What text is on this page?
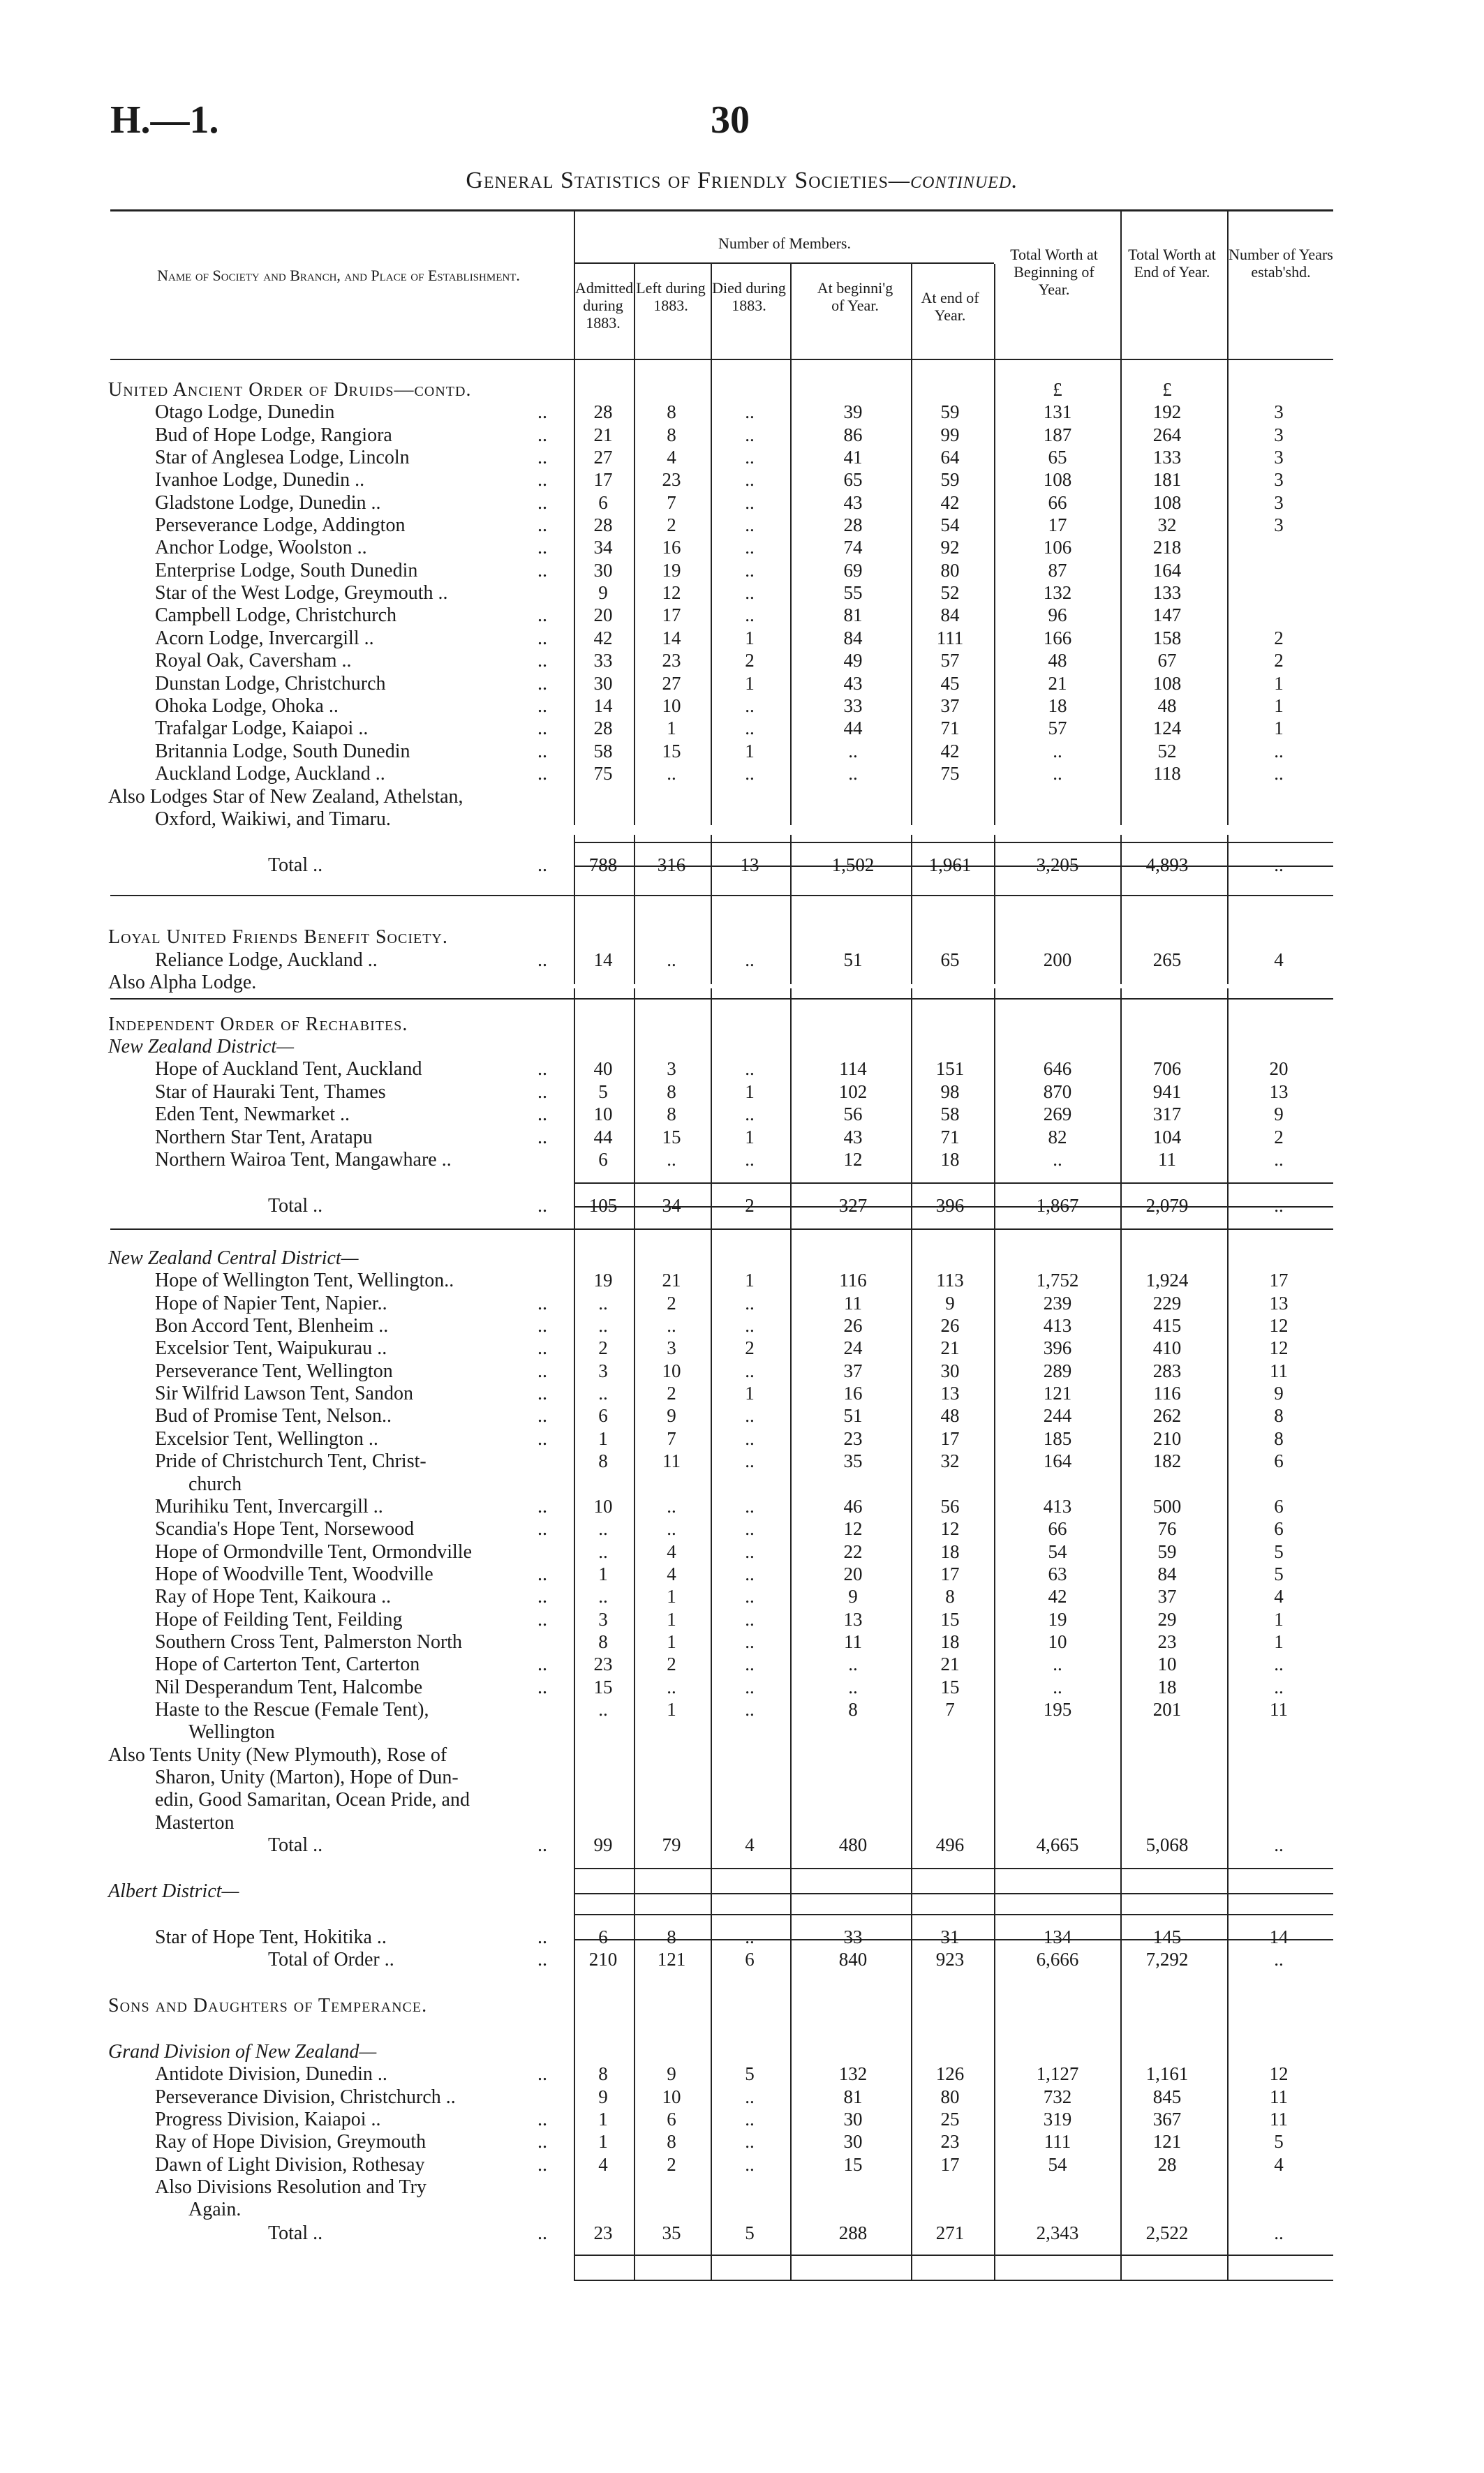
H.—1.	30
General Statistics of Friendly Societies—continued.
Name of Society and Branch, and Place of Establishment.
Number of Members.
Admitted during 1883.
Left during 1883.
Died during 1883.
At beginni'g of Year.	At end of Year.
Total Worth at Beginning of Year.
Total Worth at End of Year.
Number of Years estab'shd.
United Ancient Order of Druids—contd.	£	£
Otago Lodge, Dunedin	..	28	8	..	39	59	131	192	3
Bud of Hope Lodge, Rangiora	..	21	8	..	86	99	187	264	3
Star of Anglesea Lodge, Lincoln	..	27	4	..	41	64	65	133	3
Ivanhoe Lodge, Dunedin ..	..	17	23	..	65	59	108	181	3
Gladstone Lodge, Dunedin ..	..	6	7	..	43	42	66	108	3
Perseverance Lodge, Addington	..	28	2	..	28	54	17	32	3
Anchor Lodge, Woolston ..	..	34	16	..	74	92	106	218
Enterprise Lodge, South Dunedin	..	30	19	..	69	80	87	164
Star of the West Lodge, Greymouth ..	9	12	..	55	52	132	133
Campbell Lodge, Christchurch	..	20	17	..	81	84	96	147
Acorn Lodge, Invercargill ..	..	42	14	1	84	111	166	158	2
Royal Oak, Caversham ..	..	33	23	2	49	57	48	67	2
Dunstan Lodge, Christchurch	..	30	27	1	43	45	21	108	1
Ohoka Lodge, Ohoka ..	..	14	10	..	33	37	18	48	1
Trafalgar Lodge, Kaiapoi ..	..	28	1	..	44	71	57	124	1
Britannia Lodge, South Dunedin	..	58	15	1	..	42	..	52	..
Auckland Lodge, Auckland ..	..	75	..	..	..	75	..	118	..
Also Lodges Star of New Zealand, Athelstan,
Oxford, Waikiwi, and Timaru.
Total ..	..	788	316	13	1,502	1,961	3,205	4,893	..
Loyal United Friends Benefit Society.
Reliance Lodge, Auckland ..	..	14	..	..	51	65	200	265	4
Also Alpha Lodge.
Independent Order of Rechabites.
New Zealand District—
Hope of Auckland Tent, Auckland	..	40	3	..	114	151	646	706	20
Star of Hauraki Tent, Thames	..	5	8	1	102	98	870	941	13
Eden Tent, Newmarket ..	..	10	8	..	56	58	269	317	9
Northern Star Tent, Aratapu	..	44	15	1	43	71	82	104	2
Northern Wairoa Tent, Mangawhare ..	6	..	..	12	18	..	11	..
Total ..	..	105	34	2	327	396	1,867	2,079	..
New Zealand Central District—
Hope of Wellington Tent, Wellington..	19	21	1	116	113	1,752	1,924	17
Hope of Napier Tent, Napier..	..	..	2	..	11	9	239	229	13
Bon Accord Tent, Blenheim ..	..	..	..	..	26	26	413	415	12
Excelsior Tent, Waipukurau ..	..	2	3	2	24	21	396	410	12
Perseverance Tent, Wellington	..	3	10	..	37	30	289	283	11
Sir Wilfrid Lawson Tent, Sandon	..	..	2	1	16	13	121	116	9
Bud of Promise Tent, Nelson..	..	6	9	..	51	48	244	262	8
Excelsior Tent, Wellington ..	..	1	7	..	23	17	185	210	8
Pride of Christchurch Tent, Christ-	8	11	..	35	32	164	182	6
church
Murihiku Tent, Invercargill ..	..	10	..	..	46	56	413	500	6
Scandia's Hope Tent, Norsewood	..	..	..	..	12	12	66	76	6
Hope of Ormondville Tent, Ormondville	..	4	..	22	18	54	59	5
Hope of Woodville Tent, Woodville	..	1	4	..	20	17	63	84	5
Ray of Hope Tent, Kaikoura ..	..	..	1	..	9	8	42	37	4
Hope of Feilding Tent, Feilding	..	3	1	..	13	15	19	29	1
Southern Cross Tent, Palmerston North	8	1	..	11	18	10	23	1
Hope of Carterton Tent, Carterton	..	23	2	..	..	21	..	10	..
Nil Desperandum Tent, Halcombe	..	15	..	..	..	15	..	18	..
Haste to the Rescue (Female Tent),	..	1	..	8	7	195	201	11
Wellington
Also Tents Unity (New Plymouth), Rose of
Sharon, Unity (Marton), Hope of Dun-
edin, Good Samaritan, Ocean Pride, and
Masterton
Total ..	..	99	79	4	480	496	4,665	5,068	..
Albert District—
Star of Hope Tent, Hokitika ..	..	6	8	..	33	31	134	145	14
Total of Order ..	..	210	121	6	840	923	6,666	7,292	..
Sons and Daughters of Temperance.
Grand Division of New Zealand—
Antidote Division, Dunedin ..	..	8	9	5	132	126	1,127	1,161	12
Perseverance Division, Christchurch ..	9	10	..	81	80	732	845	11
Progress Division, Kaiapoi ..	..	1	6	..	30	25	319	367	11
Ray of Hope Division, Greymouth	..	1	8	..	30	23	111	121	5
Dawn of Light Division, Rothesay	..	4	2	..	15	17	54	28	4
Also Divisions Resolution and Try
Again.
Total ..	..	23	35	5	288	271	2,343	2,522	..
